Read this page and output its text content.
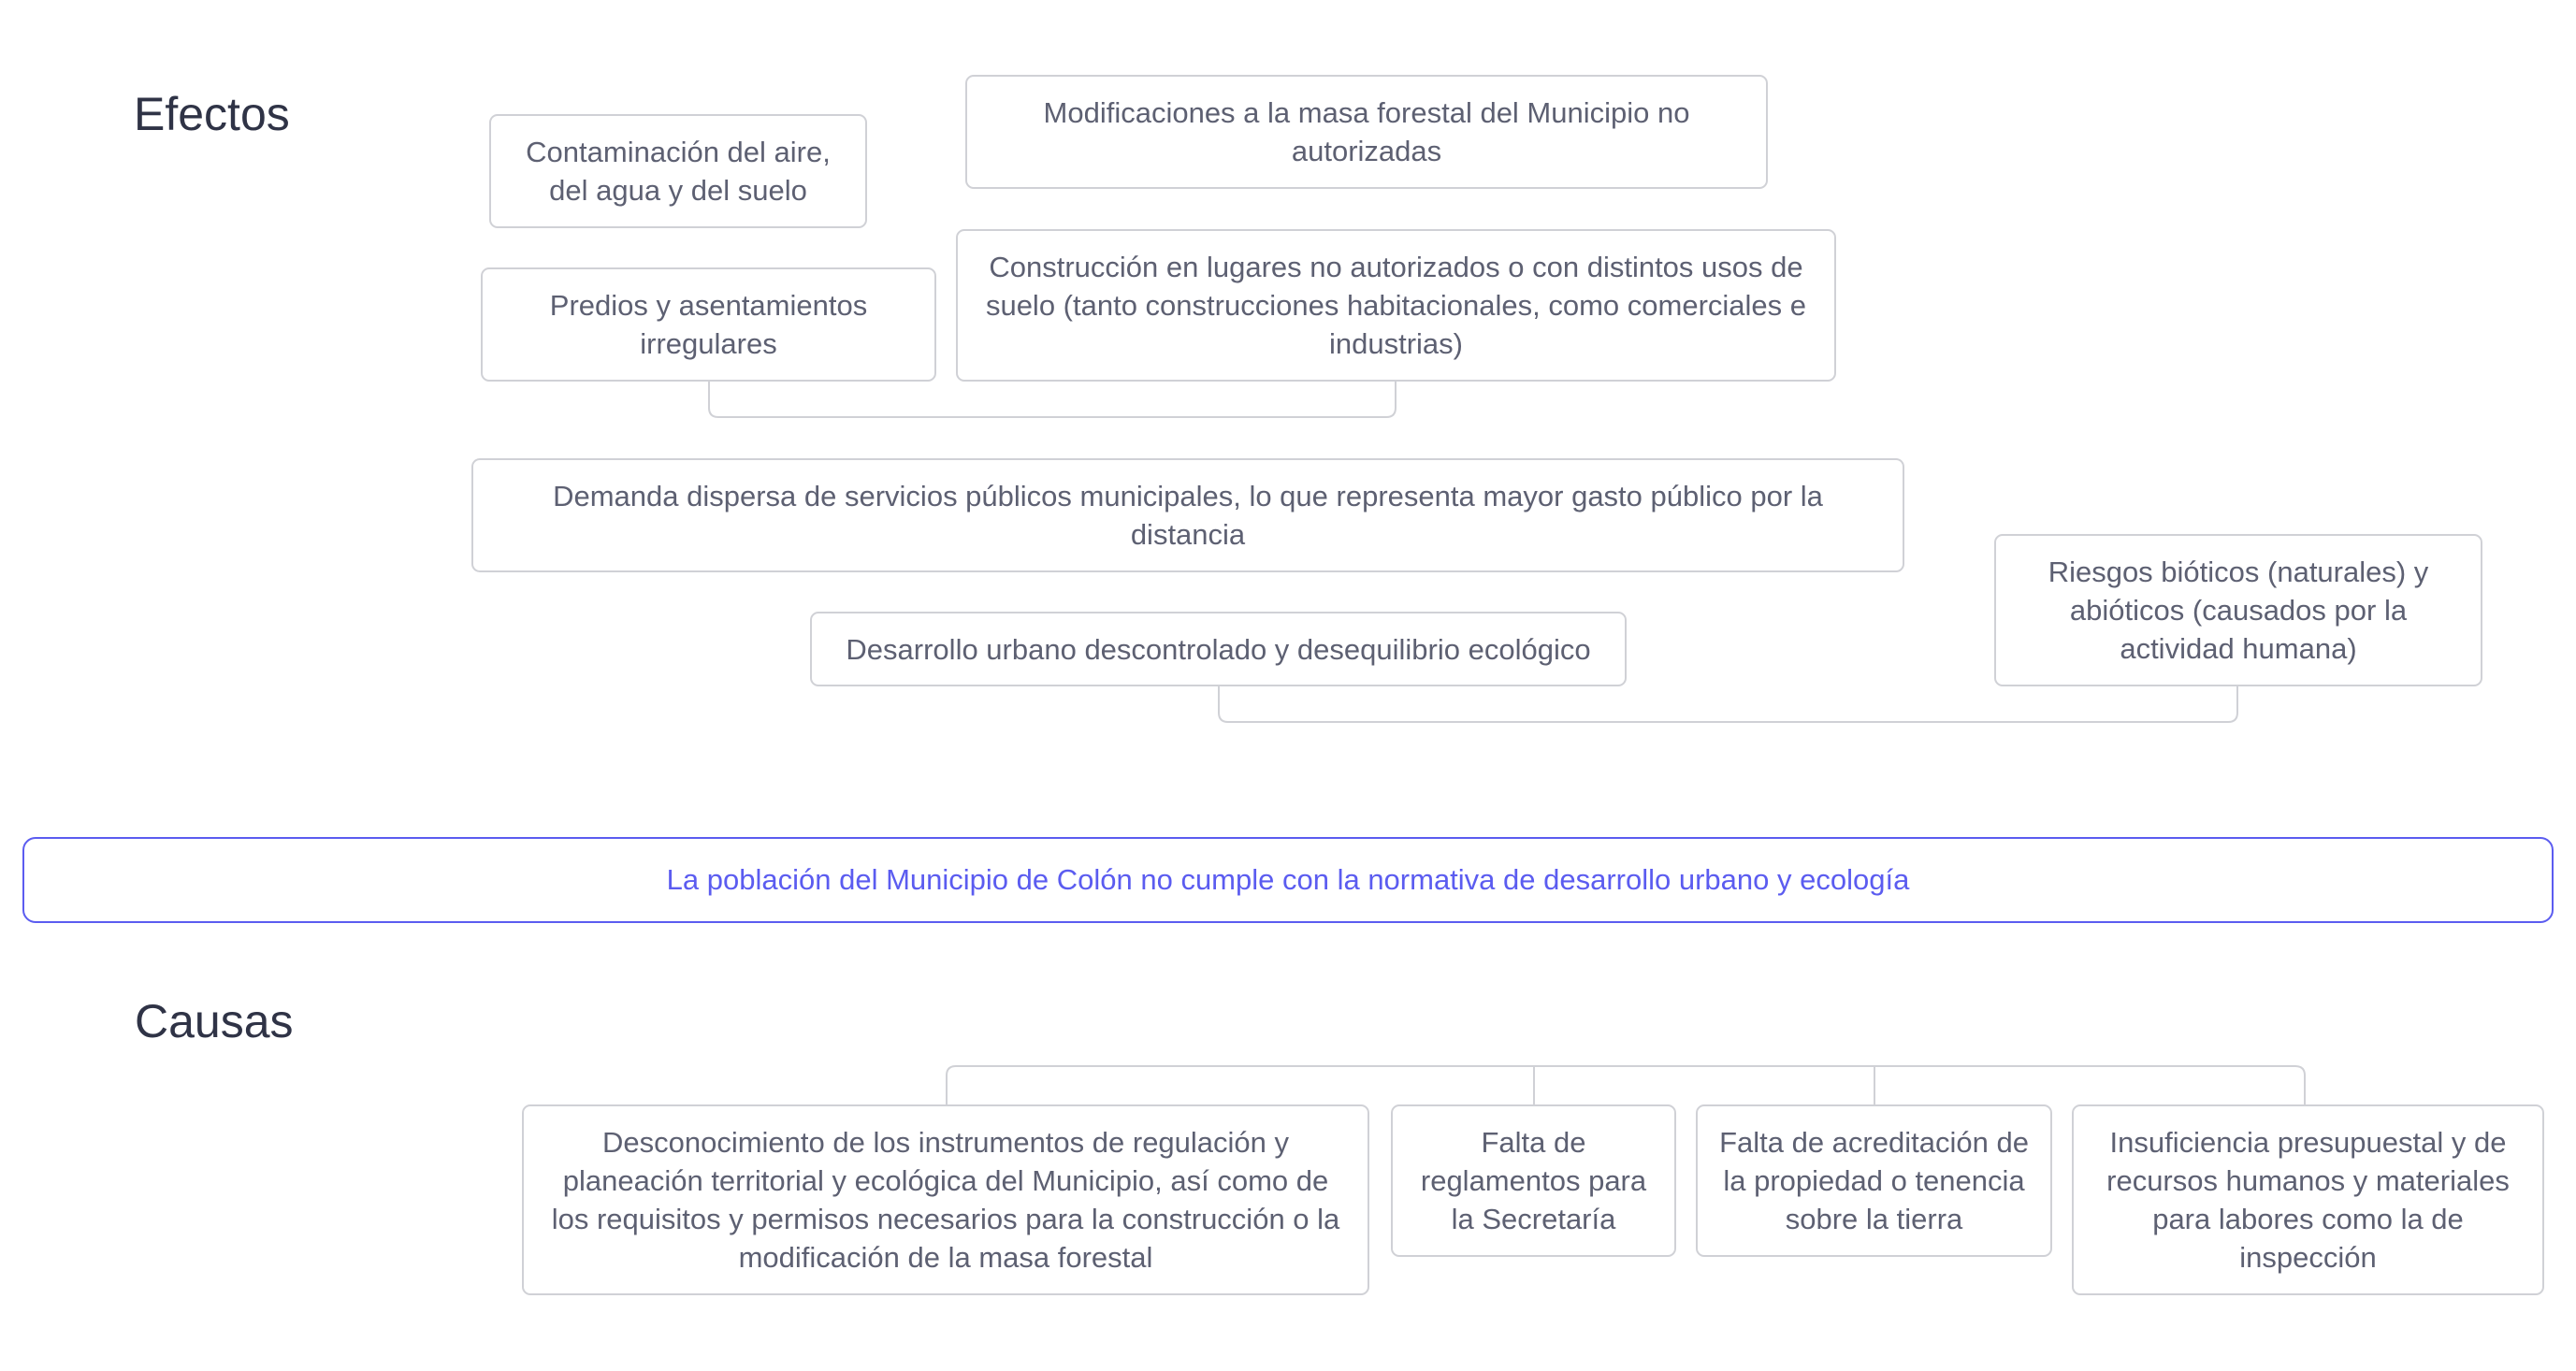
Efectos
Contaminación del aire, del agua y del suelo
Modificaciones a la masa forestal del Municipio no autorizadas
Predios y asentamientos irregulares
Construcción en lugares no autorizados o con distintos usos de suelo (tanto construcciones habitacionales, como comerciales e industrias)
Demanda dispersa de servicios públicos municipales, lo que representa mayor gasto público por la distancia
Desarrollo urbano descontrolado y desequilibrio ecológico
Riesgos bióticos (naturales) y abióticos (causados por la actividad humana)
La población del Municipio de Colón no cumple con la normativa de desarrollo urbano y ecología
Causas
Desconocimiento de los instrumentos de regulación y planeación territorial y ecológica del Municipio, así como de los requisitos y permisos necesarios para la construcción o la modificación de la masa forestal
Falta de reglamentos para la Secretaría
Falta de acreditación de la propiedad o tenencia sobre la tierra
Insuficiencia presupuestal y de recursos humanos y materiales para labores como la de inspección
